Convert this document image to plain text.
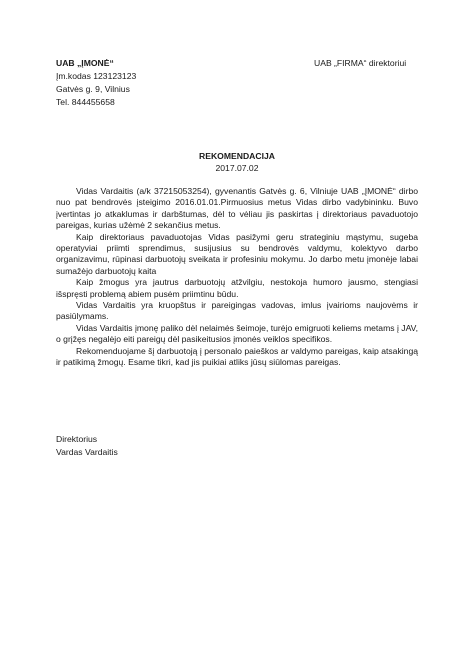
UAB „ĮMONĖ“
Įm.kodas 123123123
Gatvės g. 9, Vilnius
Tel. 844455658
UAB „FIRMA“ direktoriui
REKOMENDACIJA
2017.07.02

Vidas Vardaitis (a/k 37215053254), gyvenantis Gatvės g. 6, Vilniuje UAB „ĮMONĖ“ dirbo nuo pat bendrovės įsteigimo 2016.01.01.Pirmuosius metus Vidas dirbo vadybininku. Buvo įvertintas jo atkaklumas ir darbštumas, dėl to vėliau jis paskirtas į direktoriaus pavaduotojo pareigas, kurias užėmė 2 sekančius metus.

Kaip direktoriaus pavaduotojas Vidas pasižymi geru strateginiu mąstymu, sugeba operatyviai priimti sprendimus, susijusius su bendrovės valdymu, kolektyvo darbo organizavimu, rūpinasi darbuotojų sveikata ir profesiniu mokymu. Jo darbo metu įmonėje labai sumažėjo darbuotojų kaita

Kaip žmogus yra jautrus darbuotojų atžvilgiu, nestokoja humoro jausmo, stengiasi išspręsti problemą abiem pusėm priimtinu būdu.

Vidas Vardaitis yra kruopštus ir pareigingas vadovas, imlus įvairioms naujovėms ir pasiūlymams.

Vidas Vardaitis įmonę paliko dėl nelaimės šeimoje, turėjo emigruoti keliems metams į JAV, o grįžęs negalėjo eiti pareigų dėl pasikeitusios įmonės veiklos specifikos.

Rekomenduojame šį darbuotoją į personalo paieškos ar valdymo pareigas, kaip atsakingą ir patikimą žmogų. Esame tikri, kad jis puikiai atliks jūsų siūlomas pareigas.

Direktorius
Vardas Vardaitis
